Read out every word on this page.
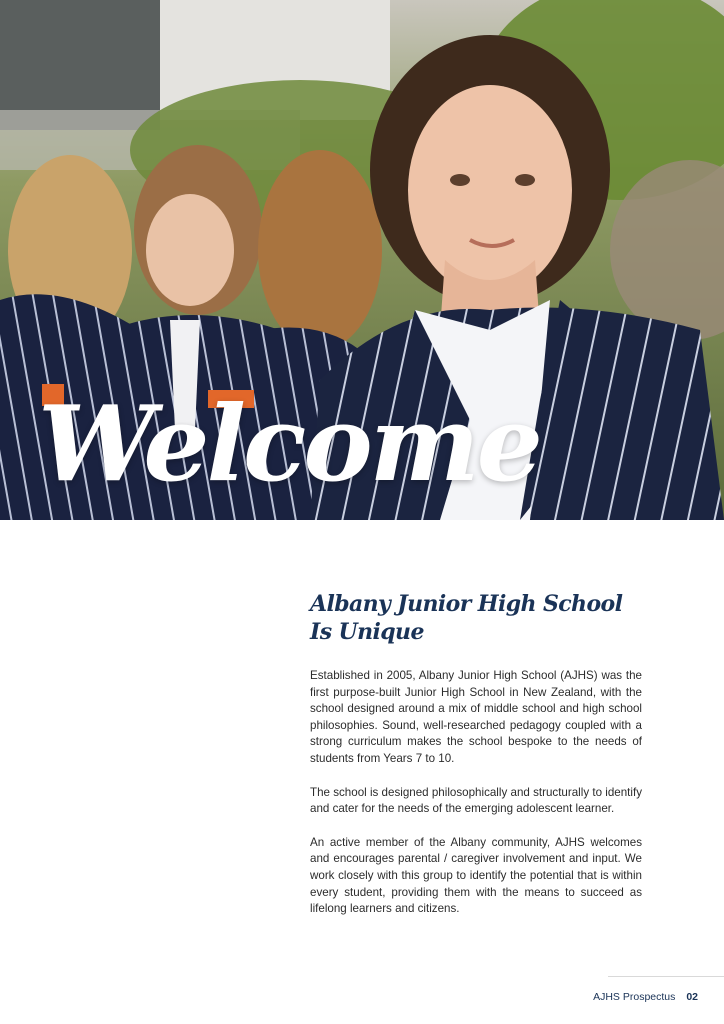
Welcome
Albany Junior High School
Is Unique

Established in 2005, Albany Junior High School (AJHS) was the first purpose-built Junior High School in New Zealand, with the school designed around a mix of middle school and high school philosophies. Sound, well-researched pedagogy coupled with a strong curriculum makes the school bespoke to the needs of students from Years 7 to 10.

The school is designed philosophically and structurally to identify and cater for the needs of the emerging adolescent learner.

An active member of the Albany community, AJHS welcomes and encourages parental / caregiver involvement and input. We work closely with this group to identify the potential that is within every student, providing them with the means to succeed as lifelong learners and citizens.

AJHS Prospectus 02
